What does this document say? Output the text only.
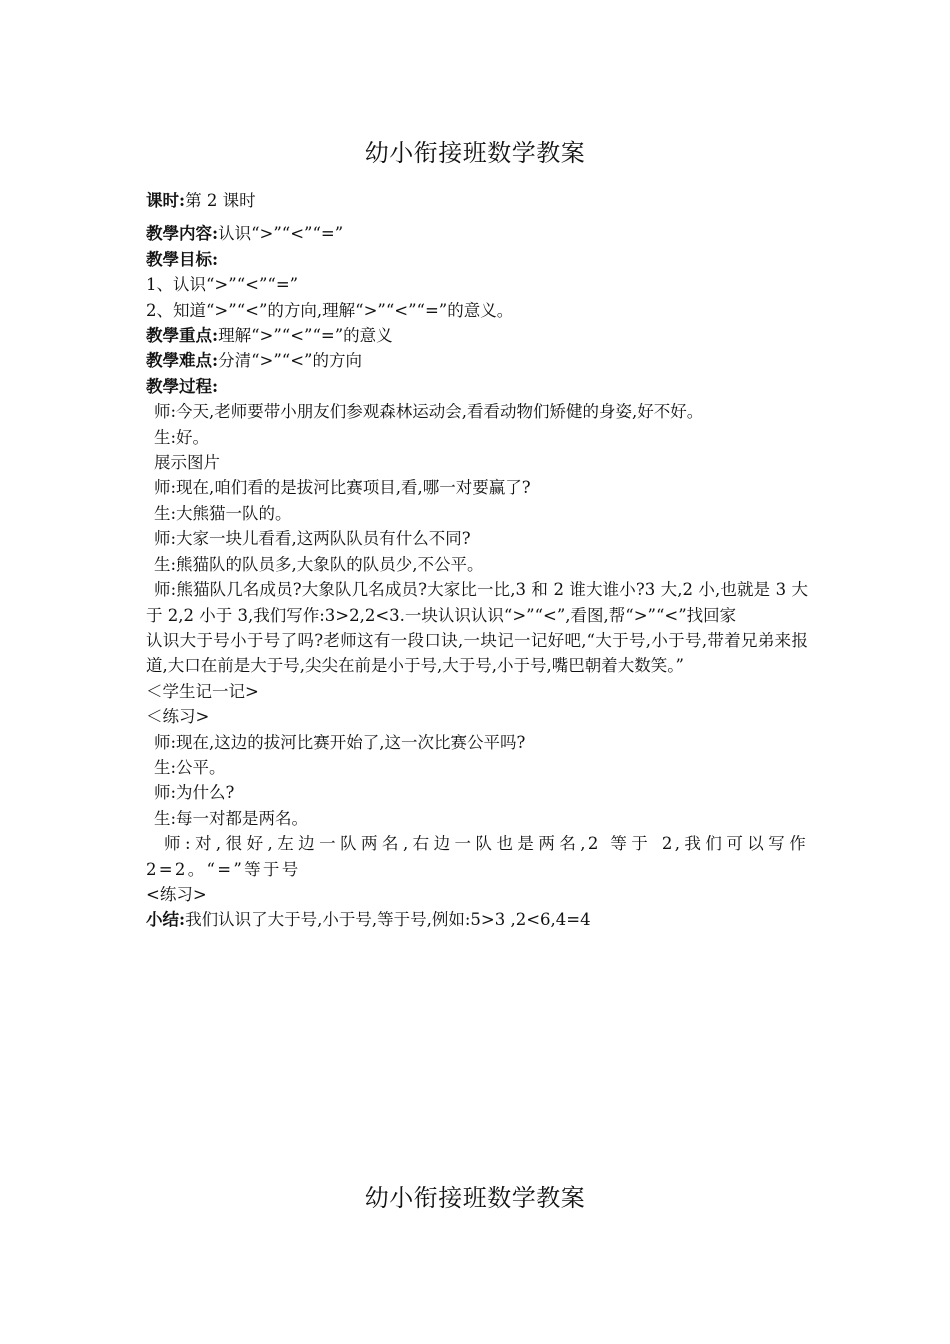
幼小衔接班数学教案
课时:第 2 课时
教學内容:认识“>”“<”“=”
教學目标:
1、认识“>”“<”“=”
2、知道“>”“<”的方向,理解“>”“<”“=”的意义。
教學重点:理解“>”“<”“=”的意义
教學难点:分清“>”“<”的方向
教學过程:
师:今天,老师要带小朋友们参观森林运动会,看看动物们矫健的身姿,好不好。
生:好。
展示图片
师:现在,咱们看的是拔河比赛项目,看,哪一对要赢了?
生:大熊猫一队的。
师:大家一块儿看看,这两队队员有什么不同?
生:熊猫队的队员多,大象队的队员少,不公平。
师:熊猫队几名成员?大象队几名成员?大家比一比,3 和 2 谁大谁小?3 大,2 小,也就是 3 大于 2,2 小于 3,我们写作:3>2,2<3.一块认识认识“>”“<”,看图,帮“>”“<”找回家
认识大于号小于号了吗?老师这有一段口诀,一块记一记好吧,“大于号,小于号,带着兄弟来报道,大口在前是大于号,尖尖在前是小于号,大于号,小于号,嘴巴朝着大数笑。”
＜学生记一记>
＜练习>
师:现在,这边的拔河比赛开始了,这一次比赛公平吗?
生:公平。
师:为什么?
生:每一对都是两名。
师:对,很好,左边一队两名,右边一队也是两名,2 等于 2,我们可以写作 2=2。“=”等于号
<练习>
小结:我们认识了大于号,小于号,等于号,例如:5>3 ,2<6,4=4
幼小衔接班数学教案
